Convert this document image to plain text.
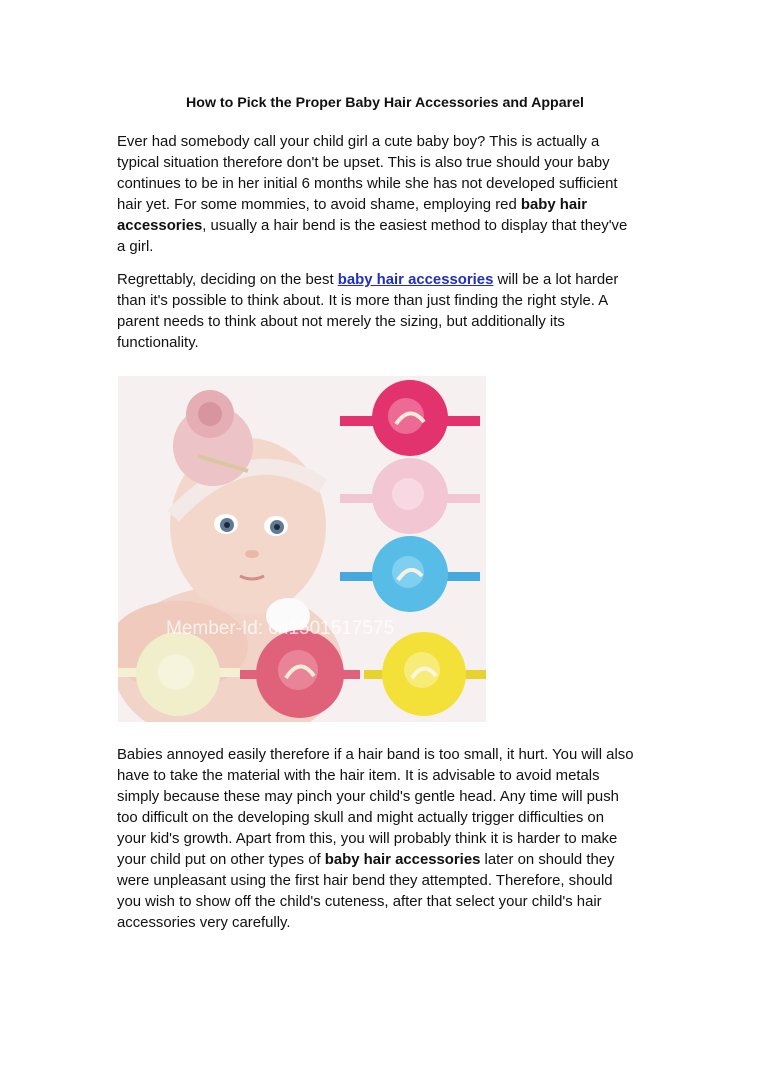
How to Pick the Proper Baby Hair Accessories and Apparel
Ever had somebody call your child girl a cute baby boy? This is actually a
typical situation therefore don't be upset. This is also true should your baby
continues to be in her initial 6 months while she has not developed sufficient
hair yet. For some mommies, to avoid shame, employing red baby hair
accessories, usually a hair bend is the easiest method to display that they've
a girl.
Regrettably, deciding on the best baby hair accessories will be a lot harder
than it's possible to think about. It is more than just finding the right style. A
parent needs to think about not merely the sizing, but additionally its
functionality.
Member-Id: cn1501517575
Babies annoyed easily therefore if a hair band is too small, it hurt. You will also
have to take the material with the hair item. It is advisable to avoid metals
simply because these may pinch your child's gentle head. Any time will push
too difficult on the developing skull and might actually trigger difficulties on
your kid's growth. Apart from this, you will probably think it is harder to make
your child put on other types of baby hair accessories later on should they
were unpleasant using the first hair bend they attempted. Therefore, should
you wish to show off the child's cuteness, after that select your child's hair
accessories very carefully.
